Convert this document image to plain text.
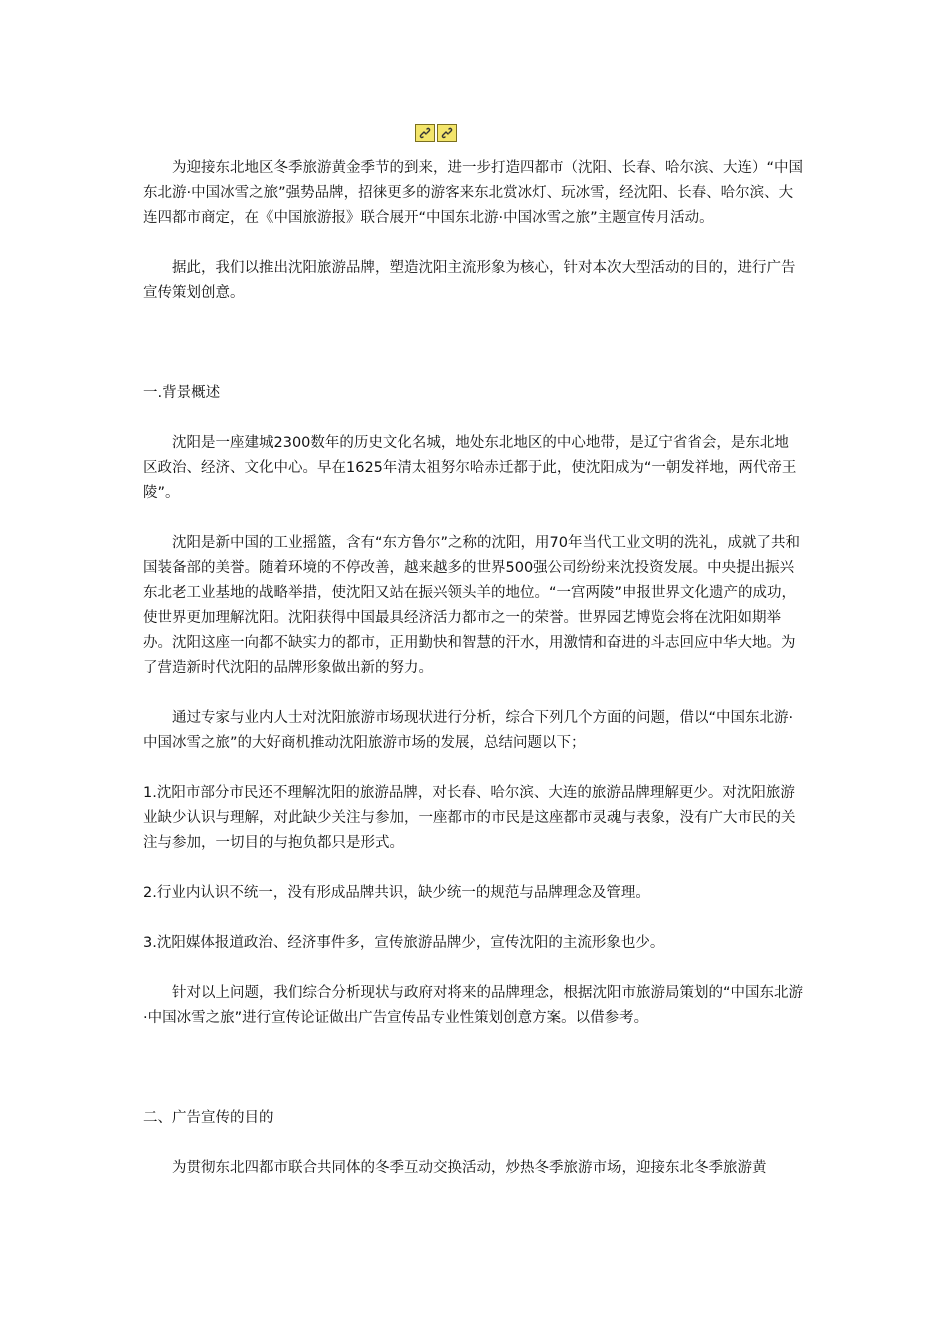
为迎接东北地区冬季旅游黄金季节的到来，进一步打造四都市（沈阳、长春、哈尔滨、大连）“中国东北游·中国冰雪之旅”强势品牌，招徕更多的游客来东北赏冰灯、玩冰雪，经沈阳、长春、哈尔滨、大连四都市商定，在《中国旅游报》联合展开“中国东北游·中国冰雪之旅”主题宣传月活动。

据此，我们以推出沈阳旅游品牌，塑造沈阳主流形象为核心，针对本次大型活动的目的，进行广告宣传策划创意。

一.背景概述

沈阳是一座建城2300数年的历史文化名城，地处东北地区的中心地带，是辽宁省省会，是东北地区政治、经济、文化中心。早在1625年清太祖努尔哈赤迁都于此，使沈阳成为“一朝发祥地，两代帝王陵”。

沈阳是新中国的工业摇篮，含有“东方鲁尔”之称的沈阳，用70年当代工业文明的洗礼，成就了共和国装备部的美誉。随着环境的不停改善，越来越多的世界500强公司纷纷来沈投资发展。中央提出振兴东北老工业基地的战略举措，使沈阳又站在振兴领头羊的地位。“一宫两陵”申报世界文化遗产的成功，使世界更加理解沈阳。沈阳获得中国最具经济活力都市之一的荣誉。世界园艺博览会将在沈阳如期举办。沈阳这座一向都不缺实力的都市，正用勤快和智慧的汗水，用激情和奋进的斗志回应中华大地。为了营造新时代沈阳的品牌形象做出新的努力。

通过专家与业内人士对沈阳旅游市场现状进行分析，综合下列几个方面的问题，借以“中国东北游·中国冰雪之旅”的大好商机推动沈阳旅游市场的发展，总结问题以下；

1.沈阳市部分市民还不理解沈阳的旅游品牌，对长春、哈尔滨、大连的旅游品牌理解更少。对沈阳旅游业缺少认识与理解，对此缺少关注与参加，一座都市的市民是这座都市灵魂与表象，没有广大市民的关注与参加，一切目的与抱负都只是形式。

2.行业内认识不统一，没有形成品牌共识，缺少统一的规范与品牌理念及管理。

3.沈阳媒体报道政治、经济事件多，宣传旅游品牌少，宣传沈阳的主流形象也少。

针对以上问题，我们综合分析现状与政府对将来的品牌理念，根据沈阳市旅游局策划的“中国东北游·中国冰雪之旅”进行宣传论证做出广告宣传品专业性策划创意方案。以借参考。

二、广告宣传的目的

为贯彻东北四都市联合共同体的冬季互动交换活动，炒热冬季旅游市场，迎接东北冬季旅游黄
